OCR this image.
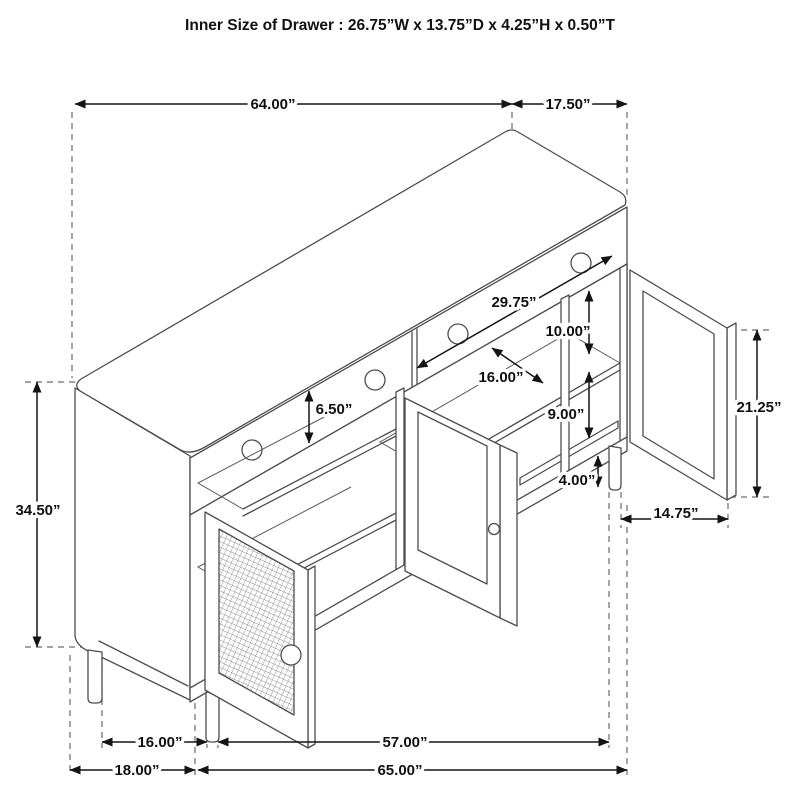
64.00”	17.50”
34.50”
6.50”
29.75”
10.00”
16.00”
9.00”
4.00”
21.25”
14.75”
16.00”	57.00”
18.00”	65.00”
Inner Size of Drawer : 26.75”W x 13.75”D x 4.25”H x 0.50”T
